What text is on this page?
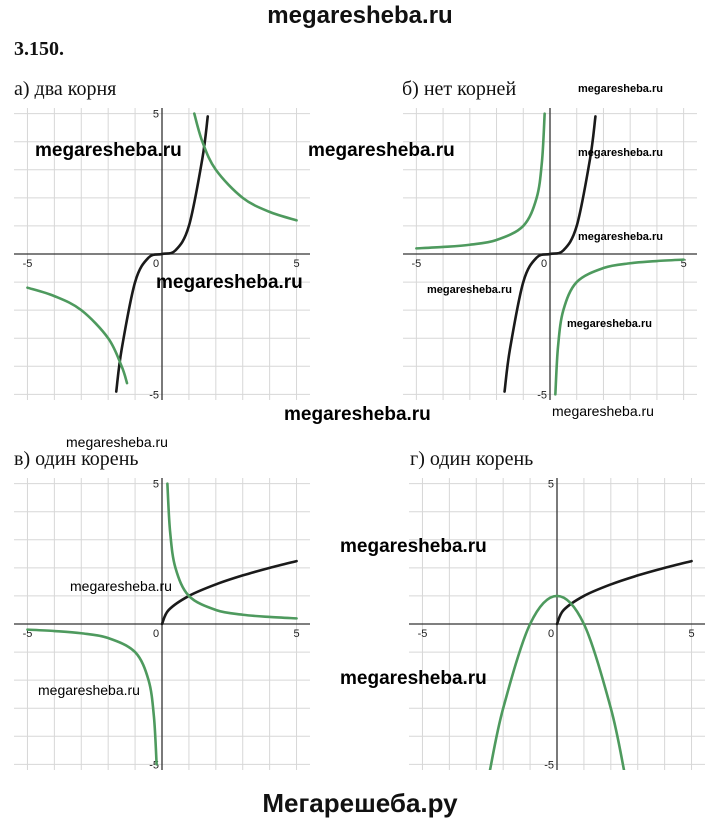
megaresheba.ru
3.150.
а) два корня	б) нет корней
в) один корень	г) один корень
-5	0	5
5
-5
-5	0	5
-5
-5	0	5
5
-5
-5	0	5
5
-5
megaresheba.ru	megaresheba.ru
megaresheba.ru
megaresheba.ru
megaresheba.ru
megaresheba.ru
megaresheba.ru
megaresheba.ru
megaresheba.ru
megaresheba.ru
megaresheba.ru
megaresheba.ru
megaresheba.ru
megaresheba.ru
megaresheba.ru
Мегарешеба.ру
